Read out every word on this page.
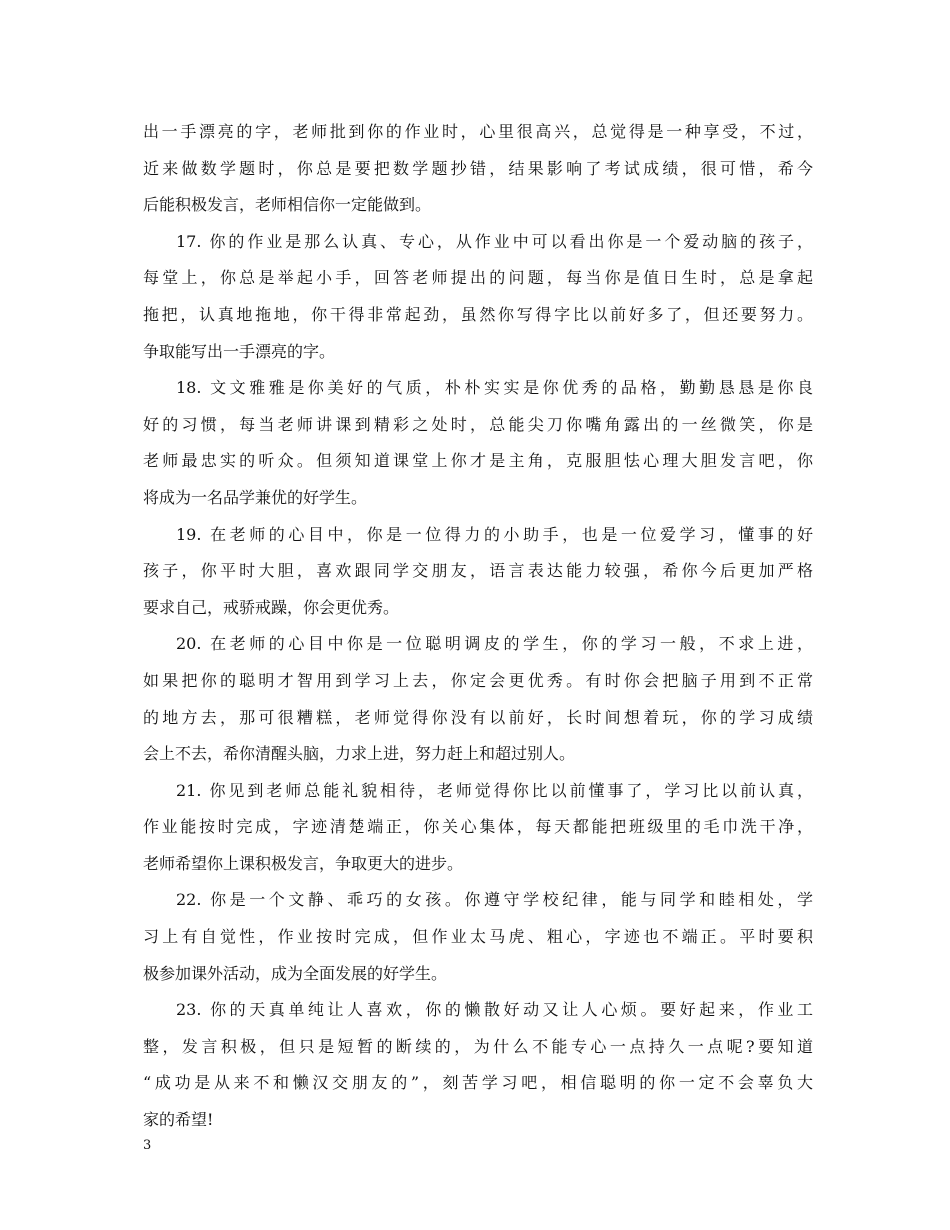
出一手漂亮的字，老师批到你的作业时，心里很高兴，总觉得是一种享受，不过，
近来做数学题时，你总是要把数学题抄错，结果影响了考试成绩，很可惜，希今
后能积极发言，老师相信你一定能做到。
17. 你的作业是那么认真、专心，从作业中可以看出你是一个爱动脑的孩子，
每堂上，你总是举起小手，回答老师提出的问题，每当你是值日生时，总是拿起
拖把，认真地拖地，你干得非常起劲，虽然你写得字比以前好多了，但还要努力。
争取能写出一手漂亮的字。
18. 文文雅雅是你美好的气质，朴朴实实是你优秀的品格，勤勤恳恳是你良
好的习惯，每当老师讲课到精彩之处时，总能尖刀你嘴角露出的一丝微笑，你是
老师最忠实的听众。但须知道课堂上你才是主角，克服胆怯心理大胆发言吧，你
将成为一名品学兼优的好学生。
19. 在老师的心目中，你是一位得力的小助手，也是一位爱学习，懂事的好
孩子，你平时大胆，喜欢跟同学交朋友，语言表达能力较强，希你今后更加严格
要求自己，戒骄戒躁，你会更优秀。
20. 在老师的心目中你是一位聪明调皮的学生，你的学习一般，不求上进，
如果把你的聪明才智用到学习上去，你定会更优秀。有时你会把脑子用到不正常
的地方去，那可很糟糕，老师觉得你没有以前好，长时间想着玩，你的学习成绩
会上不去，希你清醒头脑，力求上进，努力赶上和超过别人。
21. 你见到老师总能礼貌相待，老师觉得你比以前懂事了，学习比以前认真，
作业能按时完成，字迹清楚端正，你关心集体，每天都能把班级里的毛巾洗干净，
老师希望你上课积极发言，争取更大的进步。
22. 你是一个文静、乖巧的女孩。你遵守学校纪律，能与同学和睦相处，学
习上有自觉性，作业按时完成，但作业太马虎、粗心，字迹也不端正。平时要积
极参加课外活动，成为全面发展的好学生。
23. 你的天真单纯让人喜欢，你的懒散好动又让人心烦。要好起来，作业工
整，发言积极，但只是短暂的断续的，为什么不能专心一点持久一点呢?要知道
“成功是从来不和懒汉交朋友的”，刻苦学习吧，相信聪明的你一定不会辜负大
家的希望!
3
